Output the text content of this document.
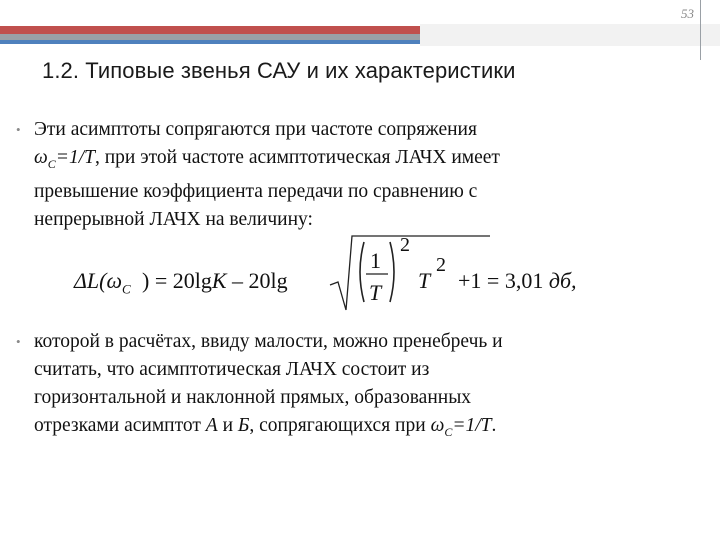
53
1.2. Типовые звенья САУ и их характеристики
• Эти асимптоты сопрягаются при частоте сопряжения
$\omega_C=1/T$, при этой частоте асимптотическая ЛАЧХ имеет
превышение коэффициента передачи по сравнению с
непрерывной ЛАЧХ на величину:
$\Delta L(\omega_C$ ) = 20lgK – 20lg
1
T
2
T
2
+1 = 3,01 дб,
• которой в расчётах, ввиду малости, можно пренебречь и
считать, что асимптотическая ЛАЧХ состоит из
горизонтальной и наклонной прямых, образованных
отрезками асимптот А и Б, сопрягающихся при $\omega_C=1/T$.
